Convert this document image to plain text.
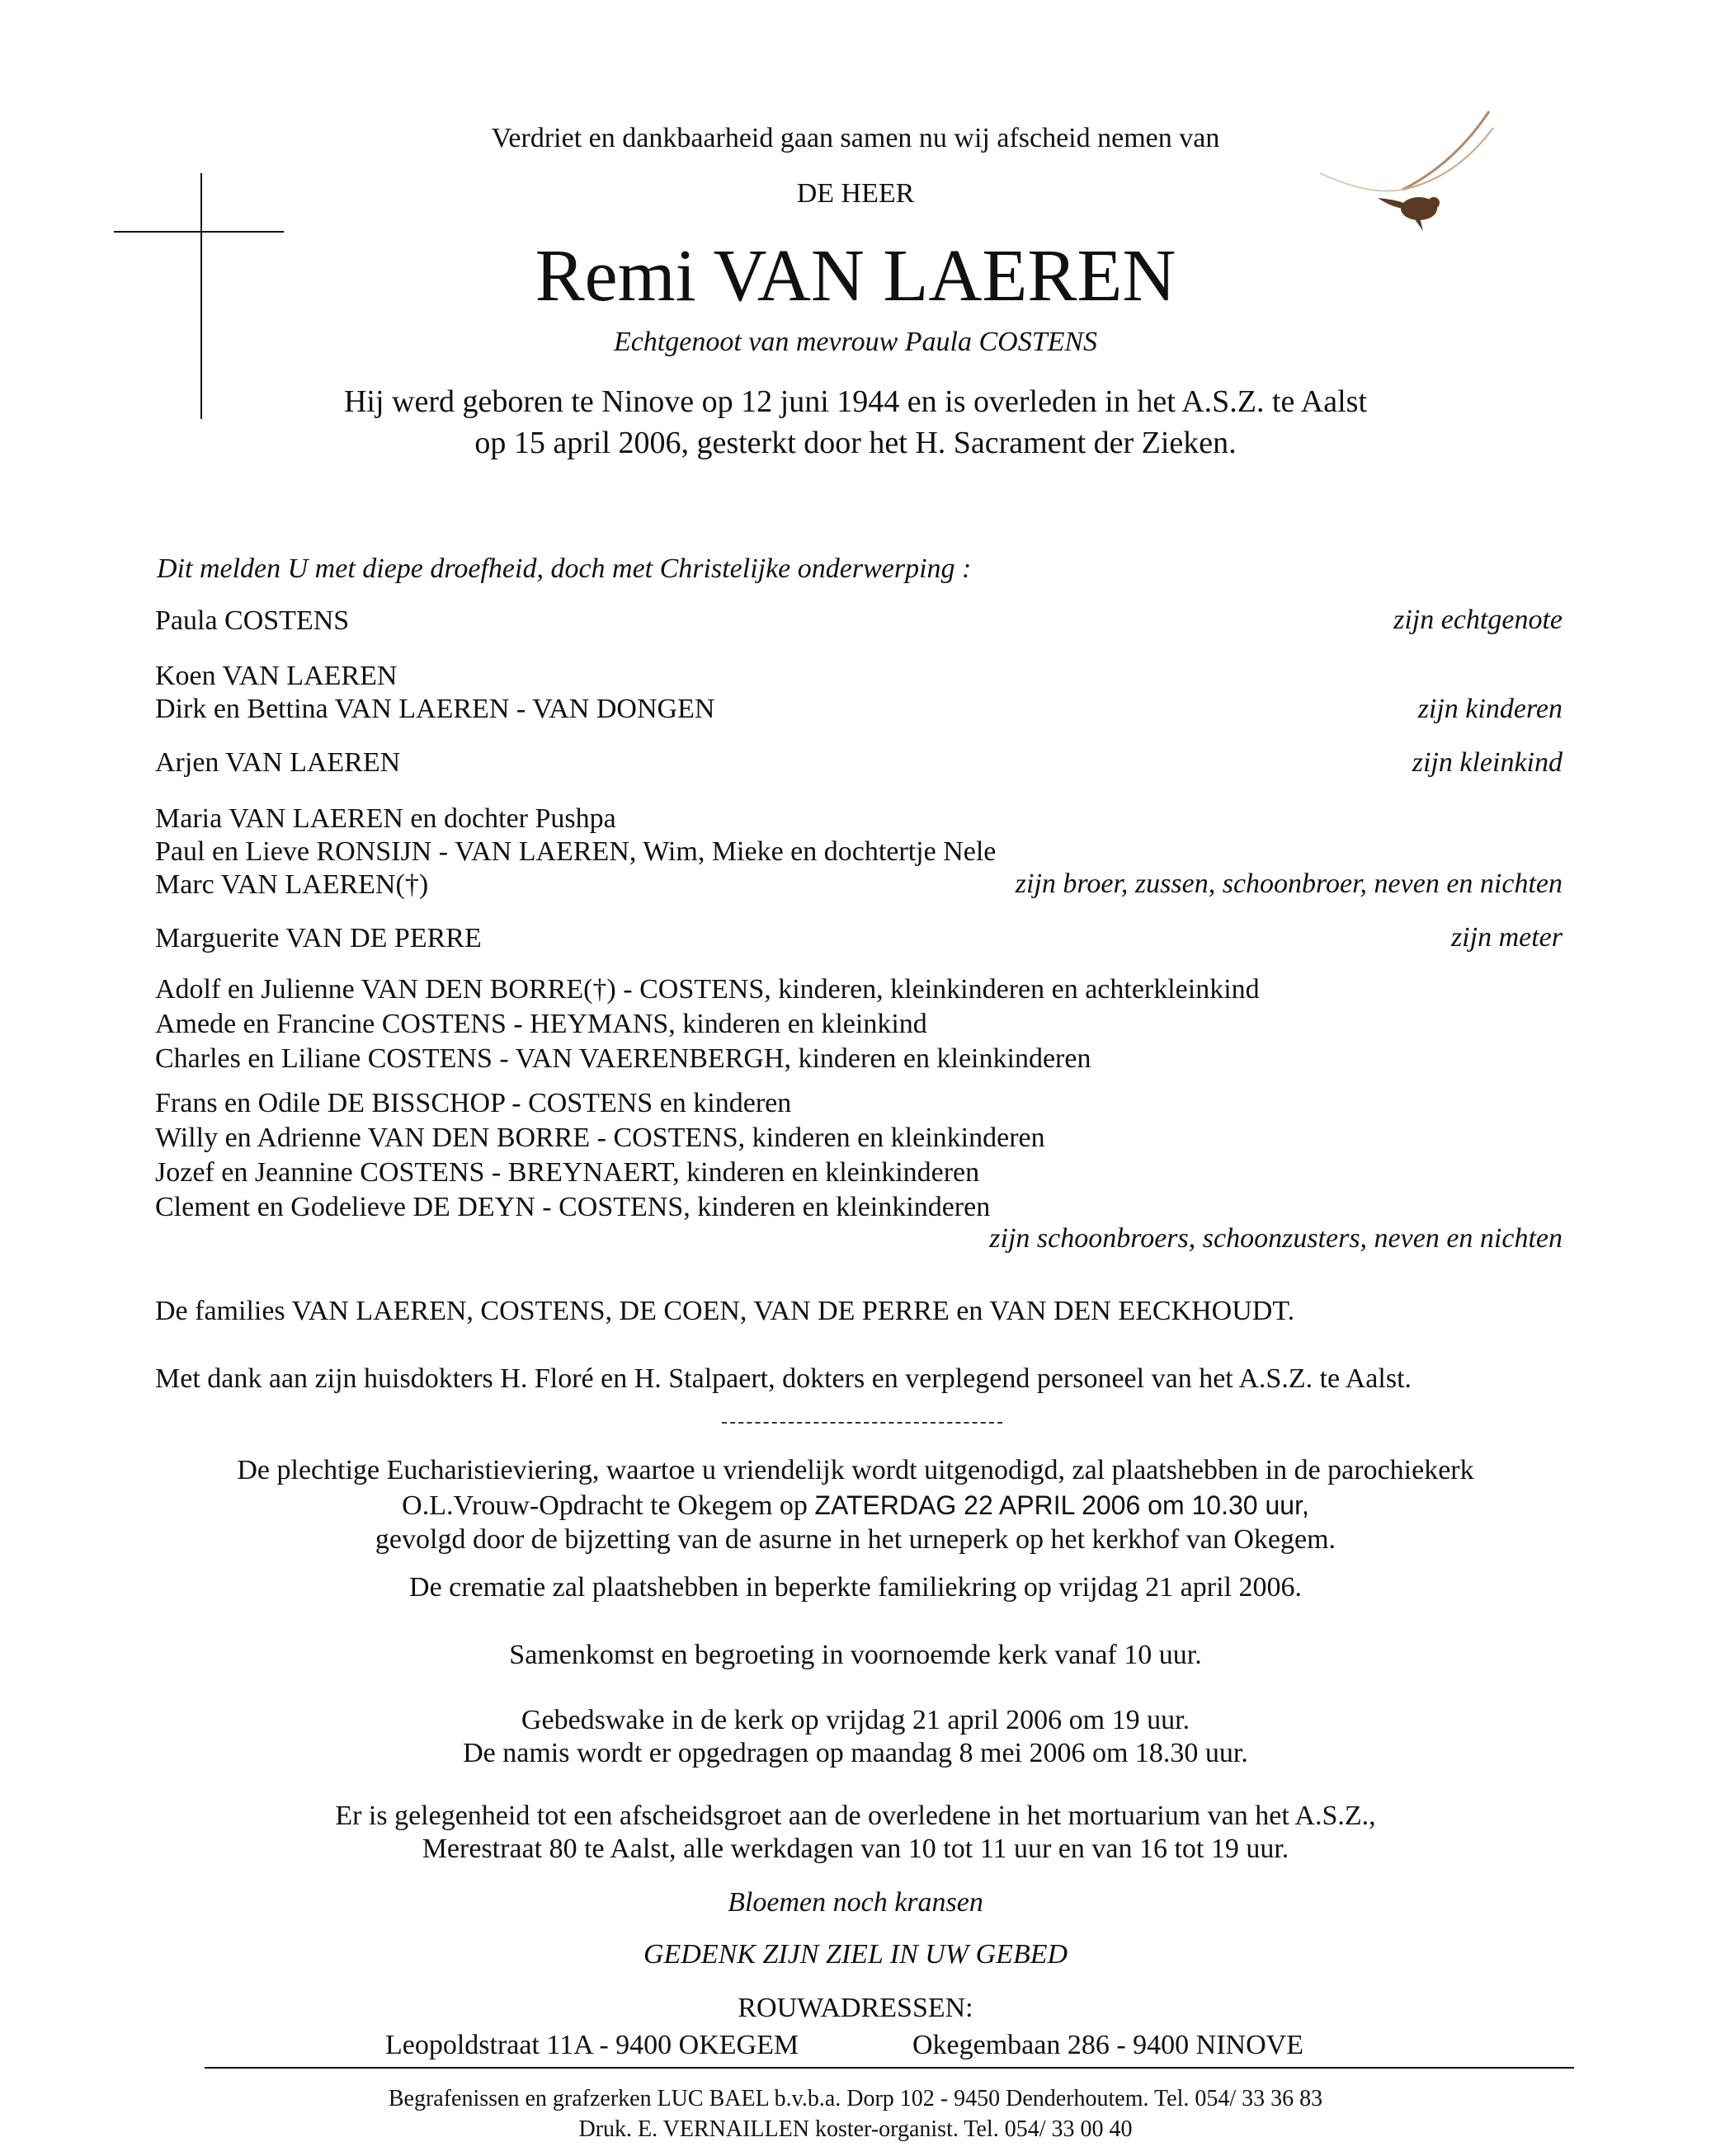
Verdriet en dankbaarheid gaan samen nu wij afscheid nemen van
DE HEER
Remi VAN LAEREN
Echtgenoot van mevrouw Paula COSTENS
Hij werd geboren te Ninove op 12 juni 1944 en is overleden in het A.S.Z. te Aalst
op 15 april 2006, gesterkt door het H. Sacrament der Zieken.
Dit melden U met diepe droefheid, doch met Christelijke onderwerping :
Paula COSTENS	zijn echtgenote
Koen VAN LAEREN
Dirk en Bettina VAN LAEREN - VAN DONGEN	zijn kinderen
Arjen VAN LAEREN	zijn kleinkind
Maria VAN LAEREN en dochter Pushpa
Paul en Lieve RONSIJN - VAN LAEREN, Wim, Mieke en dochtertje Nele
Marc VAN LAEREN(†)	zijn broer, zussen, schoonbroer, neven en nichten
Marguerite VAN DE PERRE	zijn meter
Adolf en Julienne VAN DEN BORRE(†) - COSTENS, kinderen, kleinkinderen en achterkleinkind
Amede en Francine COSTENS - HEYMANS, kinderen en kleinkind
Charles en Liliane COSTENS - VAN VAERENBERGH, kinderen en kleinkinderen
Frans en Odile DE BISSCHOP - COSTENS en kinderen
Willy en Adrienne VAN DEN BORRE - COSTENS, kinderen en kleinkinderen
Jozef en Jeannine COSTENS - BREYNAERT, kinderen en kleinkinderen
Clement en Godelieve DE DEYN - COSTENS, kinderen en kleinkinderen
zijn schoonbroers, schoonzusters, neven en nichten
De families VAN LAEREN, COSTENS, DE COEN, VAN DE PERRE en VAN DEN EECKHOUDT.
Met dank aan zijn huisdokters H. Floré en H. Stalpaert, dokters en verplegend personeel van het A.S.Z. te Aalst.
De plechtige Eucharistieviering, waartoe u vriendelijk wordt uitgenodigd, zal plaatshebben in de parochiekerk
O.L.Vrouw-Opdracht te Okegem op ZATERDAG 22 APRIL 2006 om 10.30 uur,
gevolgd door de bijzetting van de asurne in het urneperk op het kerkhof van Okegem.
De crematie zal plaatshebben in beperkte familiekring op vrijdag 21 april 2006.
Samenkomst en begroeting in voornoemde kerk vanaf 10 uur.
Gebedswake in de kerk op vrijdag 21 april 2006 om 19 uur.
De namis wordt er opgedragen op maandag 8 mei 2006 om 18.30 uur.
Er is gelegenheid tot een afscheidsgroet aan de overledene in het mortuarium van het A.S.Z.,
Merestraat 80 te Aalst, alle werkdagen van 10 tot 11 uur en van 16 tot 19 uur.
Bloemen noch kransen
GEDENK ZIJN ZIEL IN UW GEBED
ROUWADRESSEN:
Leopoldstraat 11A - 9400 OKEGEM	Okegembaan 286 - 9400 NINOVE
Begrafenissen en grafzerken LUC BAEL b.v.b.a. Dorp 102 - 9450 Denderhoutem. Tel. 054/ 33 36 83
Druk. E. VERNAILLEN koster-organist. Tel. 054/ 33 00 40
